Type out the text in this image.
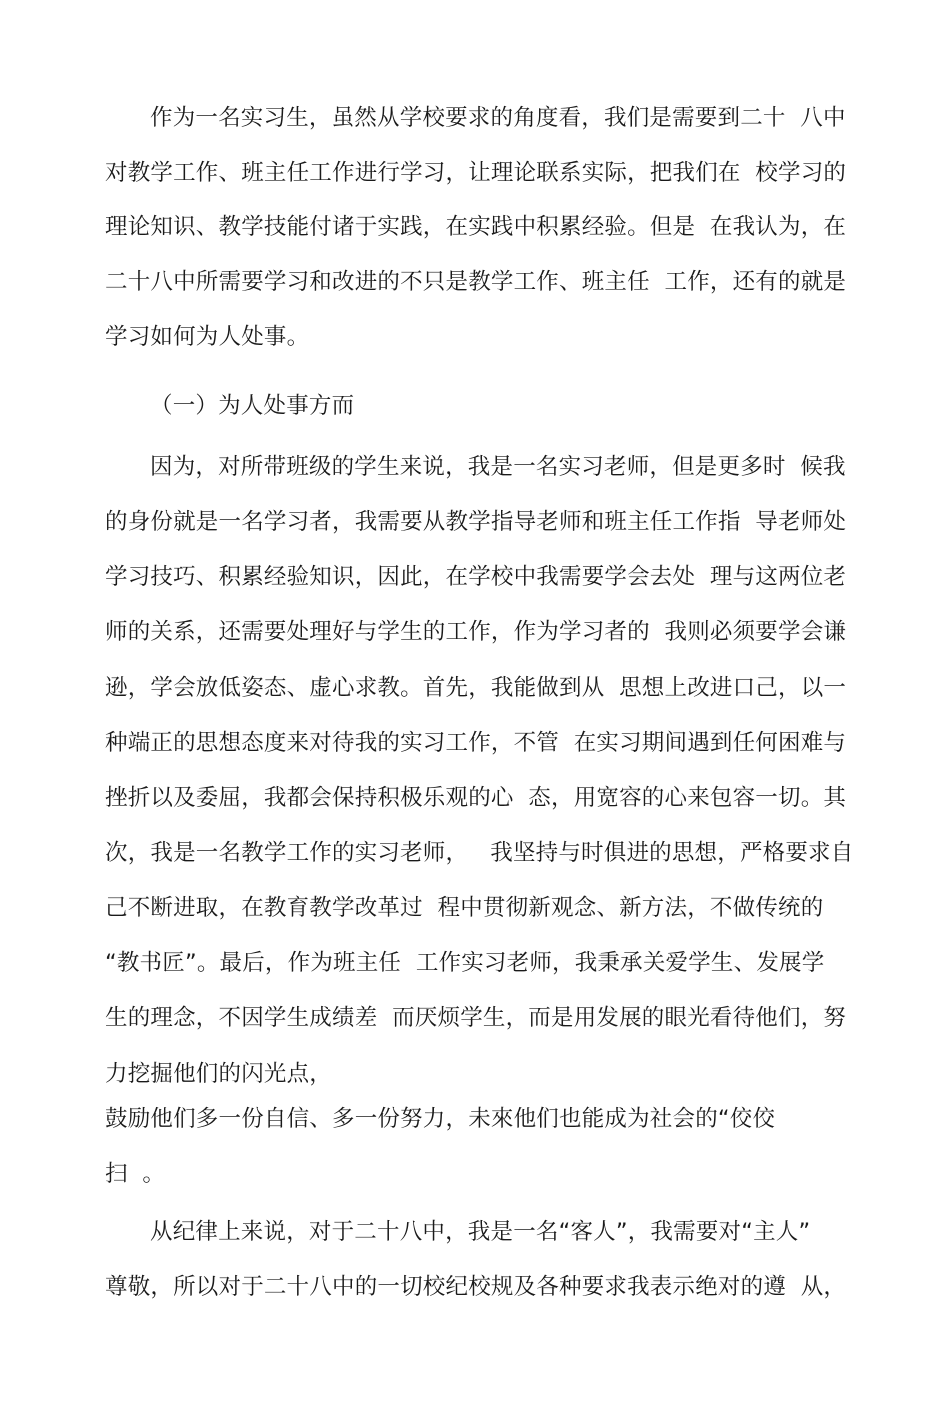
作为一名实习生，虽然从学校要求的角度看，我们是需要到二十  八中
对教学工作、班主任工作进行学习，让理论联系实际，把我们在  校学习的
理论知识、教学技能付诸于实践，在实践中积累经验。但是  在我认为，在
二十八中所需要学习和改进的不只是教学工作、班主任  工作，还有的就是
学习如何为人处事。
（一）为人处事方而
因为，对所带班级的学生来说，我是一名实习老师，但是更多时  候我
的身份就是一名学习者，我需要从教学指导老师和班主任工作指  导老师处
学习技巧、积累经验知识，因此，在学校中我需要学会去处  理与这两位老
师的关系，还需要处理好与学生的工作，作为学习者的  我则必须要学会谦
逊，学会放低姿态、虚心求教。首先，我能做到从  思想上改进口己，以一
种端正的思想态度来对待我的实习工作，不管  在实习期间遇到任何困难与
挫折以及委屈，我都会保持积极乐观的心  态，用宽容的心来包容一切。其
次，我是一名教学工作的实习老师，   我坚持与时俱进的思想，严格要求自
己不断进取，在教育教学改革过  程中贯彻新观念、新方法，不做传统的
“教书匠”。最后，作为班主任  工作实习老师，我秉承关爱学生、发展学
生的理念，不因学生成绩差  而厌烦学生，而是用发展的眼光看待他们，努
力挖掘他们的闪光点，
鼓励他们多一份自信、多一份努力，未來他们也能成为社会的“佼佼
扫  。
从纪律上来说，对于二十八中，我是一名“客人”，我需要对“主人”
尊敬，所以对于二十八中的一切校纪校规及各种要求我表示绝对的遵  从，
